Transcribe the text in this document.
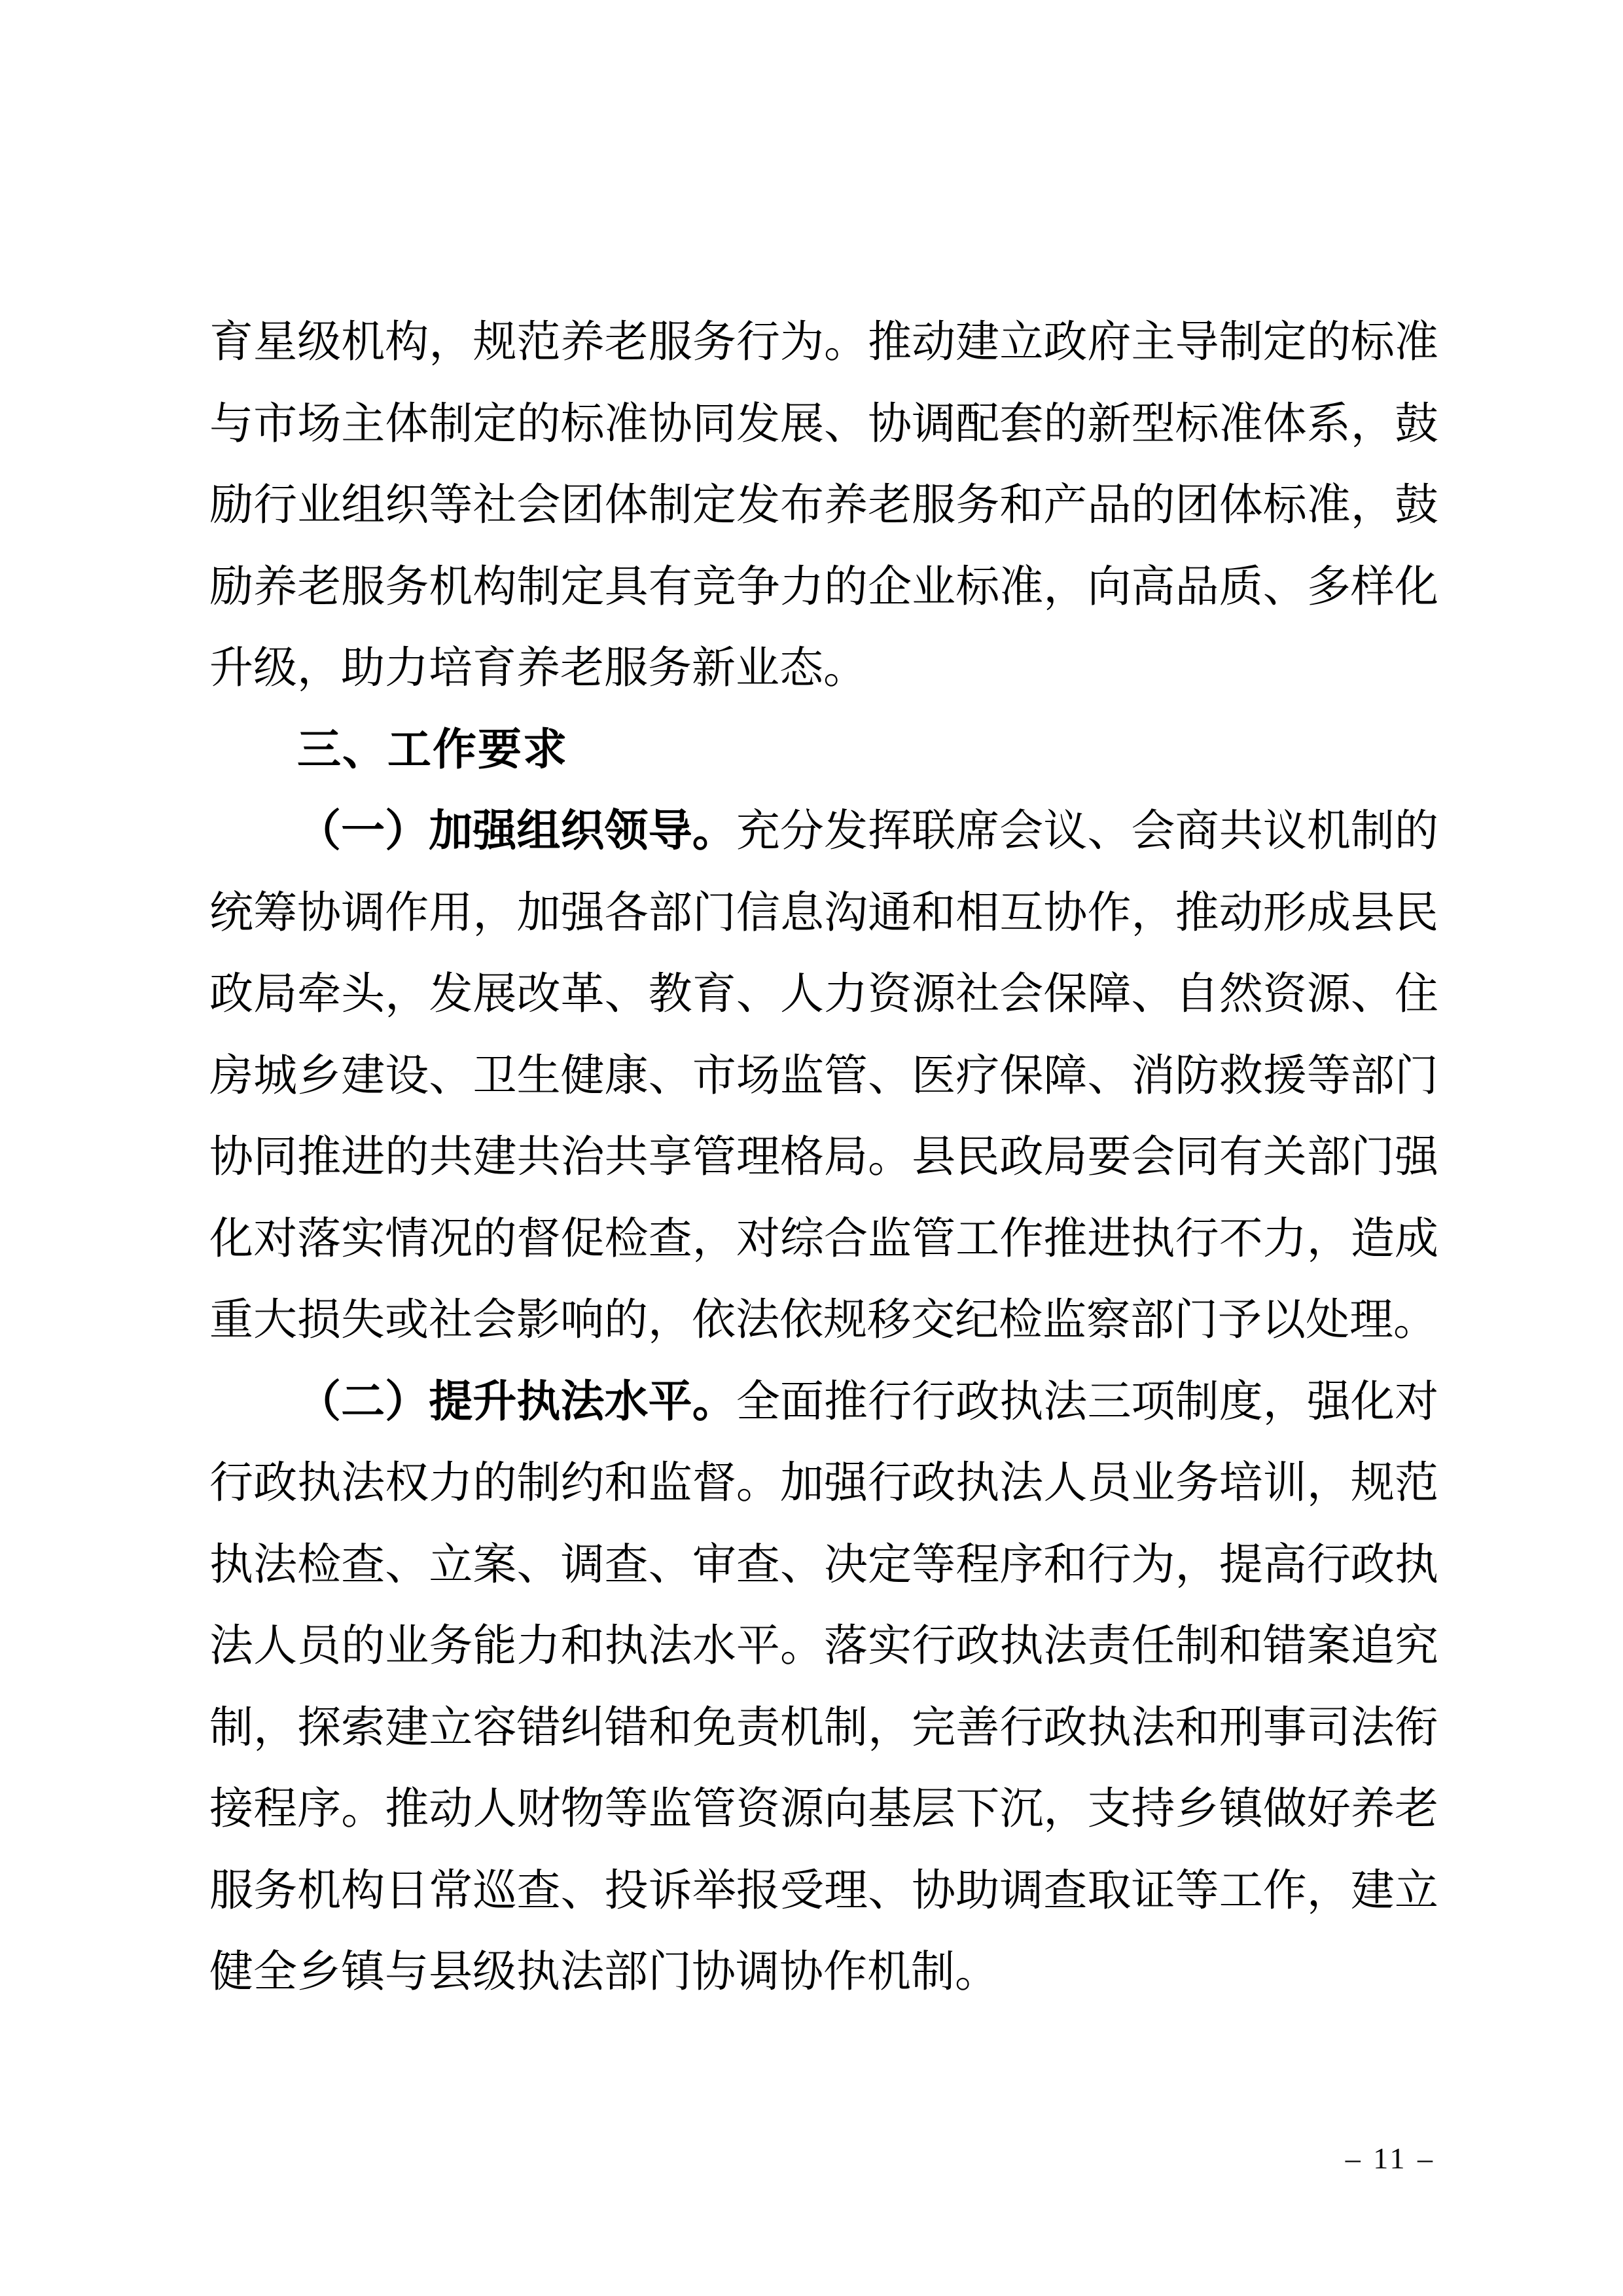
育星级机构，规范养老服务行为。推动建立政府主导制定的标准与市场主体制定的标准协同发展、协调配套的新型标准体系，鼓励行业组织等社会团体制定发布养老服务和产品的团体标准，鼓励养老服务机构制定具有竞争力的企业标准，向高品质、多样化升级，助力培育养老服务新业态。
三、工作要求
（一）加强组织领导。充分发挥联席会议、会商共议机制的统筹协调作用，加强各部门信息沟通和相互协作，推动形成县民政局牵头，发展改革、教育、人力资源社会保障、自然资源、住房城乡建设、卫生健康、市场监管、医疗保障、消防救援等部门协同推进的共建共治共享管理格局。县民政局要会同有关部门强化对落实情况的督促检查，对综合监管工作推进执行不力，造成重大损失或社会影响的，依法依规移交纪检监察部门予以处理。
（二）提升执法水平。全面推行行政执法三项制度，强化对行政执法权力的制约和监督。加强行政执法人员业务培训，规范执法检查、立案、调查、审查、决定等程序和行为，提高行政执法人员的业务能力和执法水平。落实行政执法责任制和错案追究制，探索建立容错纠错和免责机制，完善行政执法和刑事司法衔接程序。推动人财物等监管资源向基层下沉，支持乡镇做好养老服务机构日常巡查、投诉举报受理、协助调查取证等工作，建立健全乡镇与县级执法部门协调协作机制。
– 11 –
